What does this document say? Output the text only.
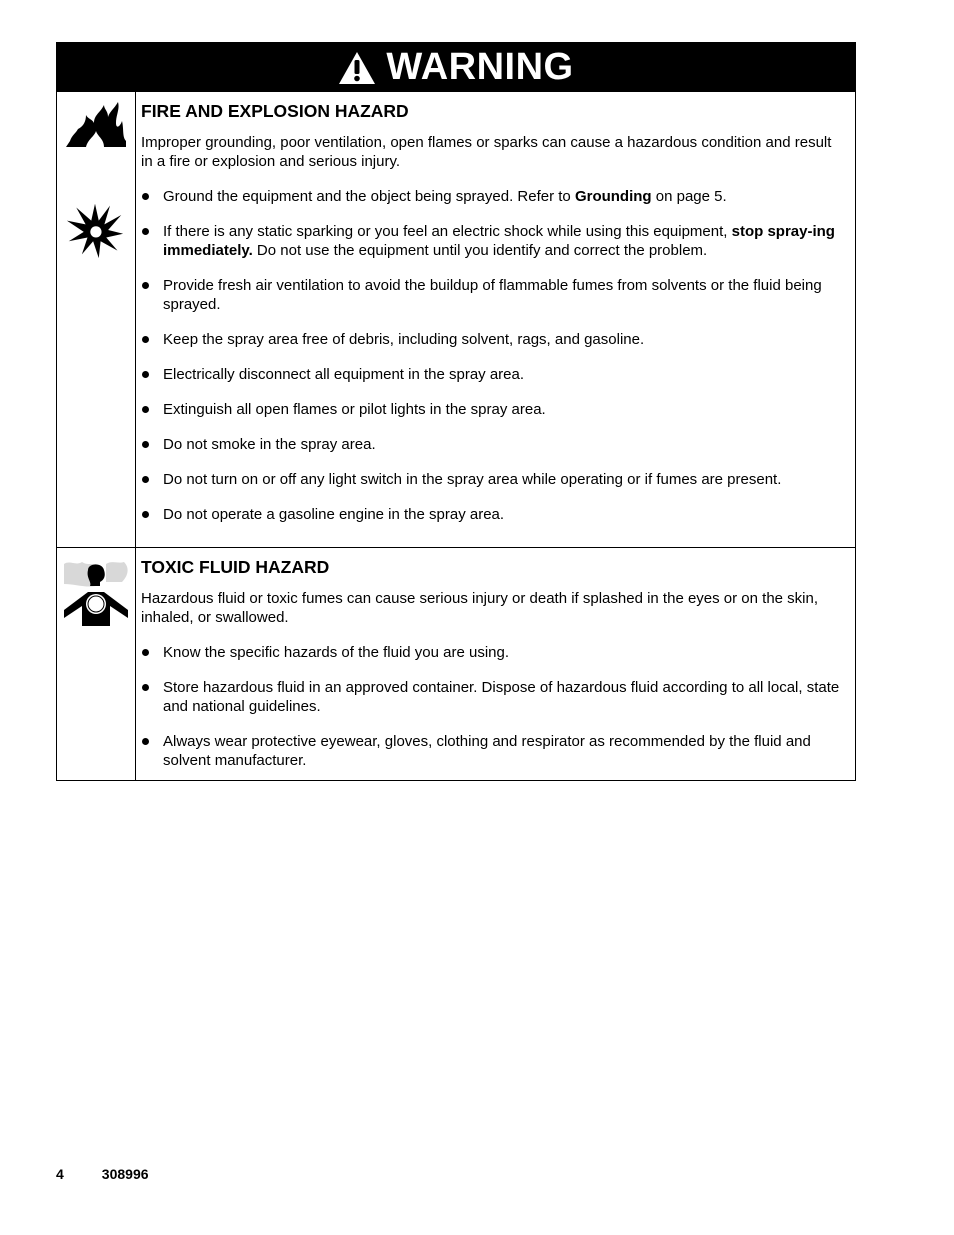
WARNING
FIRE AND EXPLOSION HAZARD
Improper grounding, poor ventilation, open flames or sparks can cause a hazardous condition and result in a fire or explosion and serious injury.
Ground the equipment and the object being sprayed. Refer to Grounding on page 5.
If there is any static sparking or you feel an electric shock while using this equipment, stop spray-ing immediately. Do not use the equipment until you identify and correct the problem.
Provide fresh air ventilation to avoid the buildup of flammable fumes from solvents or the fluid being sprayed.
Keep the spray area free of debris, including solvent, rags, and gasoline.
Electrically disconnect all equipment in the spray area.
Extinguish all open flames or pilot lights in the spray area.
Do not smoke in the spray area.
Do not turn on or off any light switch in the spray area while operating or if fumes are present.
Do not operate a gasoline engine in the spray area.
TOXIC FLUID HAZARD
Hazardous fluid or toxic fumes can cause serious injury or death if splashed in the eyes or on the skin, inhaled, or swallowed.
Know the specific hazards of the fluid you are using.
Store hazardous fluid in an approved container. Dispose of hazardous fluid according to all local, state and national guidelines.
Always wear protective eyewear, gloves, clothing and respirator as recommended by the fluid and solvent manufacturer.
4	308996
